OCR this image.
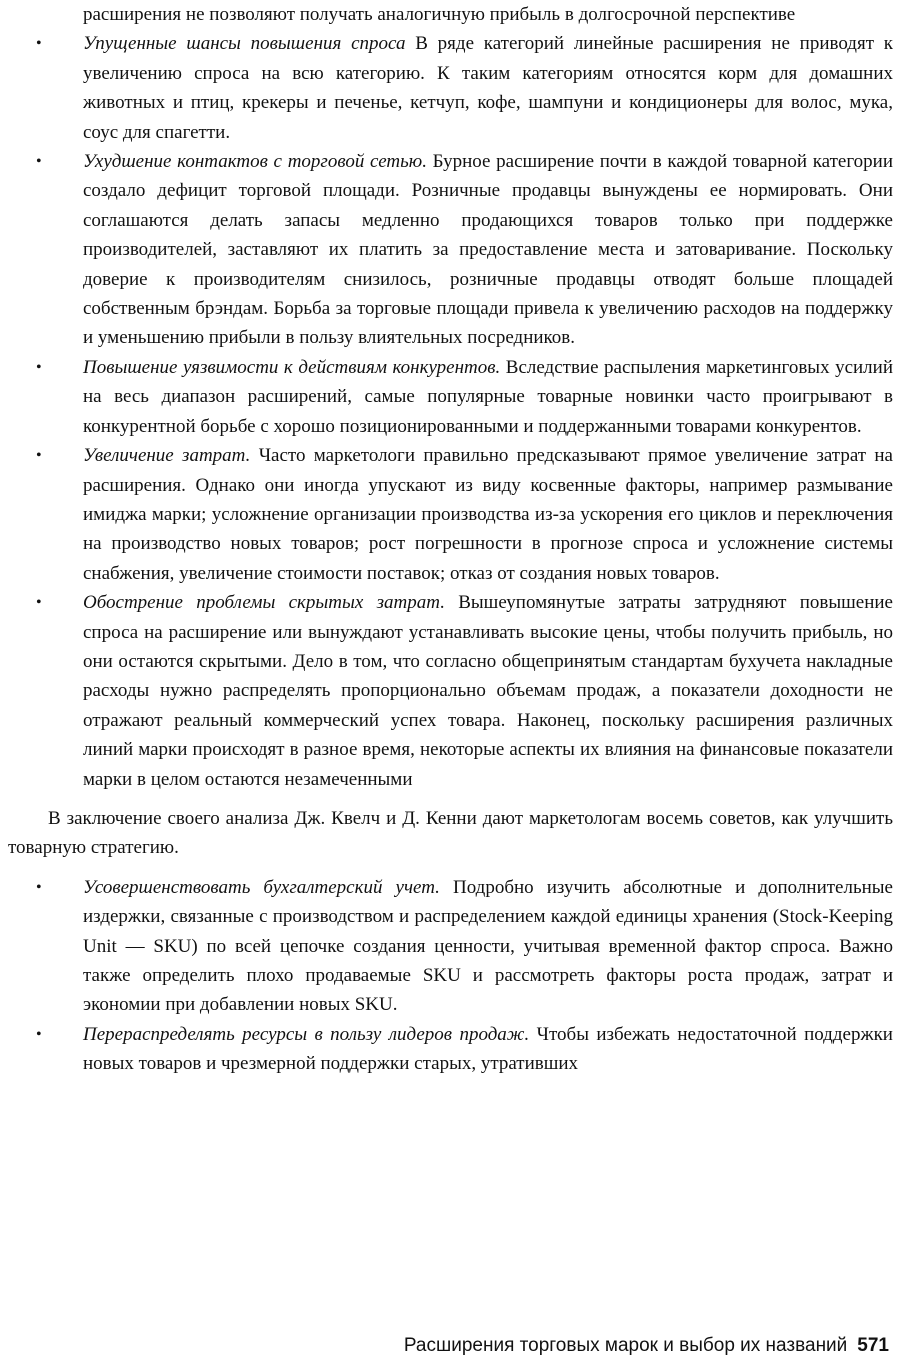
расширения не позволяют получать аналогичную прибыль в долгосрочной перспективе

• Упущенные шансы повышения спроса В ряде категорий линейные расширения не приводят к увеличению спроса на всю категорию. К таким категориям относятся корм для домашних животных и птиц, крекеры и печенье, кетчуп, кофе, шампуни и кондиционеры для волос, мука, соус для спагетти.
• Ухудшение контактов с торговой сетью. Бурное расширение почти в каждой товарной категории создало дефицит торговой площади. Розничные продавцы вынуждены ее нормировать. Они соглашаются делать запасы медленно продающихся товаров только при поддержке производителей, заставляют их платить за предоставление места и затоваривание. Поскольку доверие к производителям снизилось, розничные продавцы отводят больше площадей собственным брэндам. Борьба за торговые площади привела к увеличению расходов на поддержку и уменьшению прибыли в пользу влиятельных посредников.
• Повышение уязвимости к действиям конкурентов. Вследствие распыления маркетинговых усилий на весь диапазон расширений, самые популярные товарные новинки часто проигрывают в конкурентной борьбе с хорошо позиционированными и поддержанными товарами конкурентов.
• Увеличение затрат. Часто маркетологи правильно предсказывают прямое увеличение затрат на расширения. Однако они иногда упускают из виду косвенные факторы, например размывание имиджа марки; усложнение организации производства из-за ускорения его циклов и переключения на производство новых товаров; рост погрешности в прогнозе спроса и усложнение системы снабжения, увеличение стоимости поставок; отказ от создания новых товаров.
• Обострение проблемы скрытых затрат. Вышеупомянутые затраты затрудняют повышение спроса на расширение или вынуждают устанавливать высокие цены, чтобы получить прибыль, но они остаются скрытыми. Дело в том, что согласно общепринятым стандартам бухучета накладные расходы нужно распределять пропорционально объемам продаж, а показатели доходности не отражают реальный коммерческий успех товара. Наконец, поскольку расширения различных линий марки происходят в разное время, некоторые аспекты их влияния на финансовые показатели марки в целом остаются незамеченными

В заключение своего анализа Дж. Квелч и Д. Кенни дают маркетологам восемь советов, как улучшить товарную стратегию.

• Усовершенствовать бухгалтерский учет. Подробно изучить абсолютные и дополнительные издержки, связанные с производством и распределением каждой единицы хранения (Stock-Keeping Unit — SKU) по всей цепочке создания ценности, учитывая временной фактор спроса. Важно также определить плохо продаваемые SKU и рассмотреть факторы роста продаж, затрат и экономии при добавлении новых SKU.
• Перераспределять ресурсы в пользу лидеров продаж. Чтобы избежать недостаточной поддержки новых товаров и чрезмерной поддержки старых, утративших
Расширения торговых марок и выбор их названий 571
